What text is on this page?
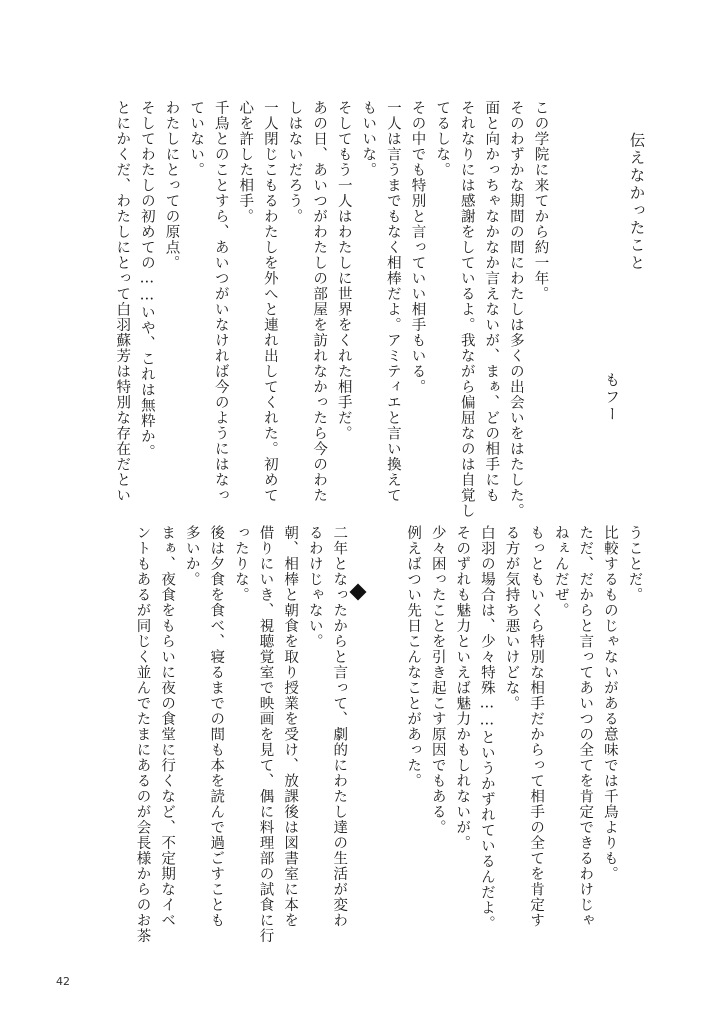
伝えなかったこと
もフー
この学院に来てから約一年。
そのわずかな期間の間にわたしは多くの出会いをはたした。
面と向かっちゃなかなか言えないが、まぁ、どの相手にも
それなりには感謝をしているよ。我ながら偏屈なのは自覚し
てるしな。
その中でも特別と言っていい相手もいる。
一人は言うまでもなく相棒だよ。アミティエと言い換えて
もいいな。
そしてもう一人はわたしに世界をくれた相手だ。
あの日、あいつがわたしの部屋を訪れなかったら今のわた
しはないだろう。
一人閉じこもるわたしを外へと連れ出してくれた。初めて
心を許した相手。
千鳥とのことすら、あいつがいなければ今のようにはなっ
ていない。
わたしにとっての原点。
そしてわたしの初めての……いや、これは無粋か。
とにかくだ、わたしにとって白羽蘇芳は特別な存在だとい
うことだ。
比較するものじゃないがある意味では千鳥よりも。
ただ、だからと言ってあいつの全てを肯定できるわけじゃ
ねぇんだぜ。
もっともいくら特別な相手だからって相手の全てを肯定す
る方が気持ち悪いけどな。
白羽の場合は、少々特殊……というかずれているんだよ。
そのずれも魅力といえば魅力かもしれないが。
少々困ったことを引き起こす原因でもある。
例えばつい先日こんなことがあった。
二年となったからと言って、劇的にわたし達の生活が変わ
るわけじゃない。
朝、相棒と朝食を取り授業を受け、放課後は図書室に本を
借りにいき、視聴覚室で映画を見て、偶に料理部の試食に行
ったりな。
後は夕食を食べ、寝るまでの間も本を読んで過ごすことも
多いか。
まぁ、夜食をもらいに夜の食堂に行くなど、不定期なイベ
ントもあるが同じく並んでたまにあるのが会長様からのお茶
42
